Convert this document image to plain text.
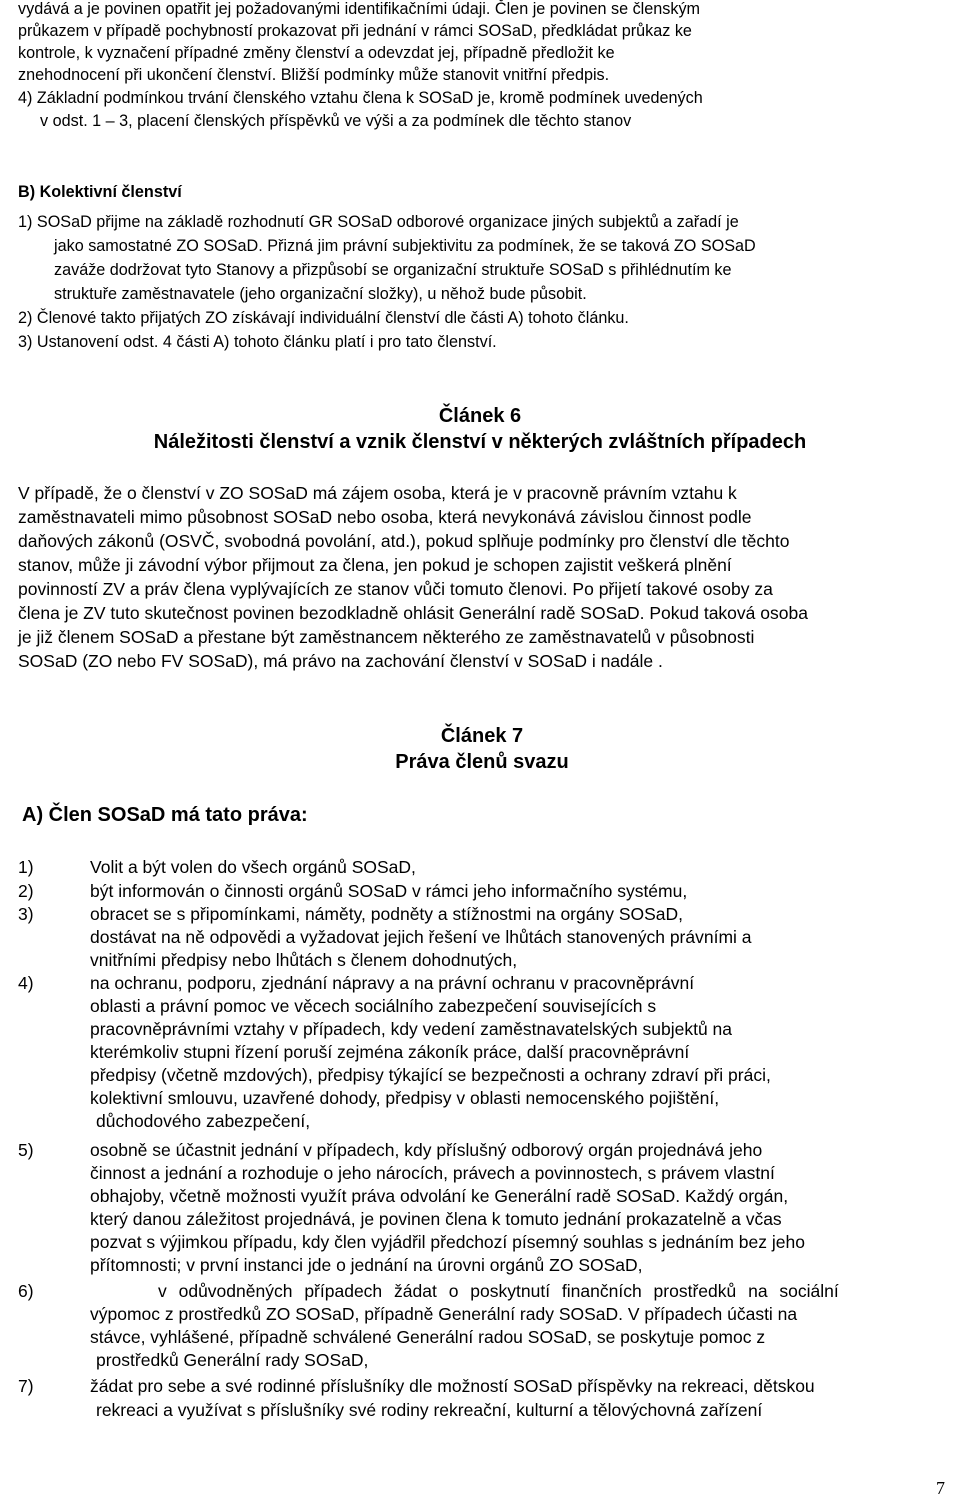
vydává a je povinen opatřit jej požadovanými identifikačními údaji. Člen je povinen se členským
průkazem v případě pochybností prokazovat při jednání v rámci SOSaD, předkládat průkaz ke
kontrole, k vyznačení případné změny členství a odevzdat jej, případně předložit ke
znehodnocení při ukončení členství. Bližší podmínky může stanovit vnitřní předpis.
4) Základní podmínkou trvání členského vztahu člena k SOSaD je, kromě podmínek uvedených
v odst. 1 – 3, placení členských příspěvků ve výši a za podmínek dle těchto stanov
B) Kolektivní členství
1) SOSaD přijme na základě rozhodnutí GR SOSaD odborové organizace jiných subjektů a zařadí je
jako samostatné ZO SOSaD. Přizná jim právní subjektivitu za podmínek, že se taková ZO SOSaD
zaváže dodržovat tyto Stanovy a přizpůsobí se organizační struktuře SOSaD s přihlédnutím ke
struktuře zaměstnavatele (jeho organizační složky), u něhož bude působit.
2) Členové takto přijatých ZO získávají individuální členství dle části A) tohoto článku.
3) Ustanovení odst. 4 části A) tohoto článku platí i pro tato členství.
Článek 6
Náležitosti členství a vznik členství v některých zvláštních případech
V případě, že o členství v ZO SOSaD má zájem osoba, která je v pracovně právním vztahu k
zaměstnavateli mimo působnost SOSaD nebo osoba, která nevykonává závislou činnost podle
daňových zákonů (OSVČ, svobodná povolání, atd.), pokud splňuje podmínky pro členství dle těchto
stanov, může ji závodní výbor přijmout za člena, jen pokud je schopen zajistit veškerá plnění
povinností ZV a práv člena vyplývajících ze stanov vůči tomuto členovi. Po přijetí takové osoby za
člena je ZV tuto skutečnost povinen bezodkladně ohlásit Generální radě SOSaD. Pokud taková osoba
je již členem SOSaD a přestane být zaměstnancem některého ze zaměstnavatelů v působnosti
SOSaD (ZO nebo FV SOSaD), má právo na zachování členství v SOSaD i nadále .
Článek 7
Práva členů svazu
A) Člen SOSaD má tato práva:
1)	Volit a být volen do všech orgánů SOSaD,
2)	být informován o činnosti orgánů SOSaD v rámci jeho informačního systému,
3)	obracet se s připomínkami, náměty, podněty a stížnostmi na orgány SOSaD,
dostávat na ně odpovědi a vyžadovat jejich řešení ve lhůtách stanovených právními a
vnitřními předpisy nebo lhůtách s členem dohodnutých,
4)	na ochranu, podporu, zjednání nápravy a na právní ochranu v pracovněprávní
oblasti a právní pomoc ve věcech sociálního zabezpečení souvisejících s
pracovněprávními vztahy v případech, kdy vedení zaměstnavatelských subjektů na
kterémkoliv stupni řízení poruší zejména zákoník práce, další pracovněprávní
předpisy (včetně mzdových), předpisy týkající se bezpečnosti a ochrany zdraví při práci,
kolektivní smlouvu, uzavřené dohody, předpisy v oblasti nemocenského pojištění,
důchodového zabezpečení,
5)	osobně se účastnit jednání v případech, kdy příslušný odborový orgán projednává jeho
činnost a jednání a rozhoduje o jeho nárocích, právech a povinnostech, s právem vlastní
obhajoby, včetně možnosti využít práva odvolání ke Generální radě SOSaD. Každý orgán,
který danou záležitost projednává, je povinen člena k tomuto jednání prokazatelně a včas
pozvat s výjimkou případu, kdy člen vyjádřil předchozí písemný souhlas s jednáním bez jeho
přítomnosti; v první instanci jde o jednání na úrovni orgánů ZO SOSaD,
6)	v odůvodněných případech žádat o poskytnutí finančních prostředků na sociální
výpomoc z prostředků ZO SOSaD, případně Generální rady SOSaD. V případech účasti na
stávce, vyhlášené, případně schválené Generální radou SOSaD, se poskytuje pomoc z
prostředků Generální rady SOSaD,
7)	žádat pro sebe a své rodinné příslušníky dle možností SOSaD příspěvky na rekreaci, dětskou
rekreaci a využívat s příslušníky své rodiny rekreační, kulturní a tělovýchovná zařízení
7
